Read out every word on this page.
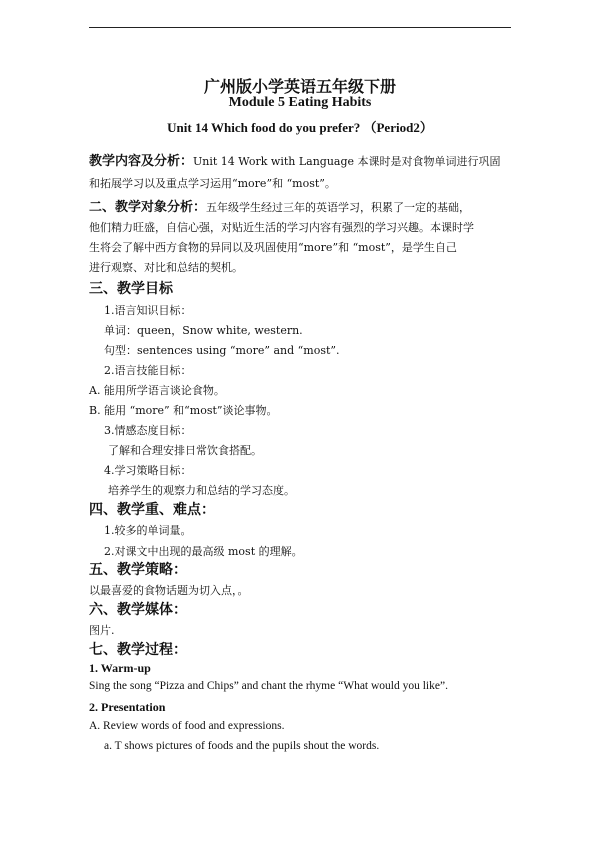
广州版小学英语五年级下册
Module 5 Eating Habits
Unit 14 Which food do you prefer? （Period2）
教学内容及分析：Unit 14 Work with Language 本课时是对食物单词进行巩固
和拓展学习以及重点学习运用“more”和 “most”。
二、教学对象分析：五年级学生经过三年的英语学习，积累了一定的基础，
他们精力旺盛，自信心强，对贴近生活的学习内容有强烈的学习兴趣。本课时学
生将会了解中西方食物的异同以及巩固使用“more”和 “most”，是学生自己
进行观察、对比和总结的契机。
三、教学目标
1.语言知识目标：
单词：queen，Snow white, western.
句型：sentences using “more” and “most”.
2.语言技能目标：
A. 能用所学语言谈论食物。
B. 能用 “more” 和“most”谈论事物。
3.情感态度目标：
了解和合理安排日常饮食搭配。
4.学习策略目标：
培养学生的观察力和总结的学习态度。
四、教学重、难点：
1.较多的单词量。
2.对课文中出现的最高级 most 的理解。
五、教学策略：
以最喜爱的食物话题为切入点，。
六、教学媒体：
图片.
七、教学过程：
1. Warm-up
Sing the song “Pizza and Chips” and chant the rhyme “What would you like”.
2. Presentation
A. Review words of food and expressions.
a. T shows pictures of foods and the pupils shout the words.
